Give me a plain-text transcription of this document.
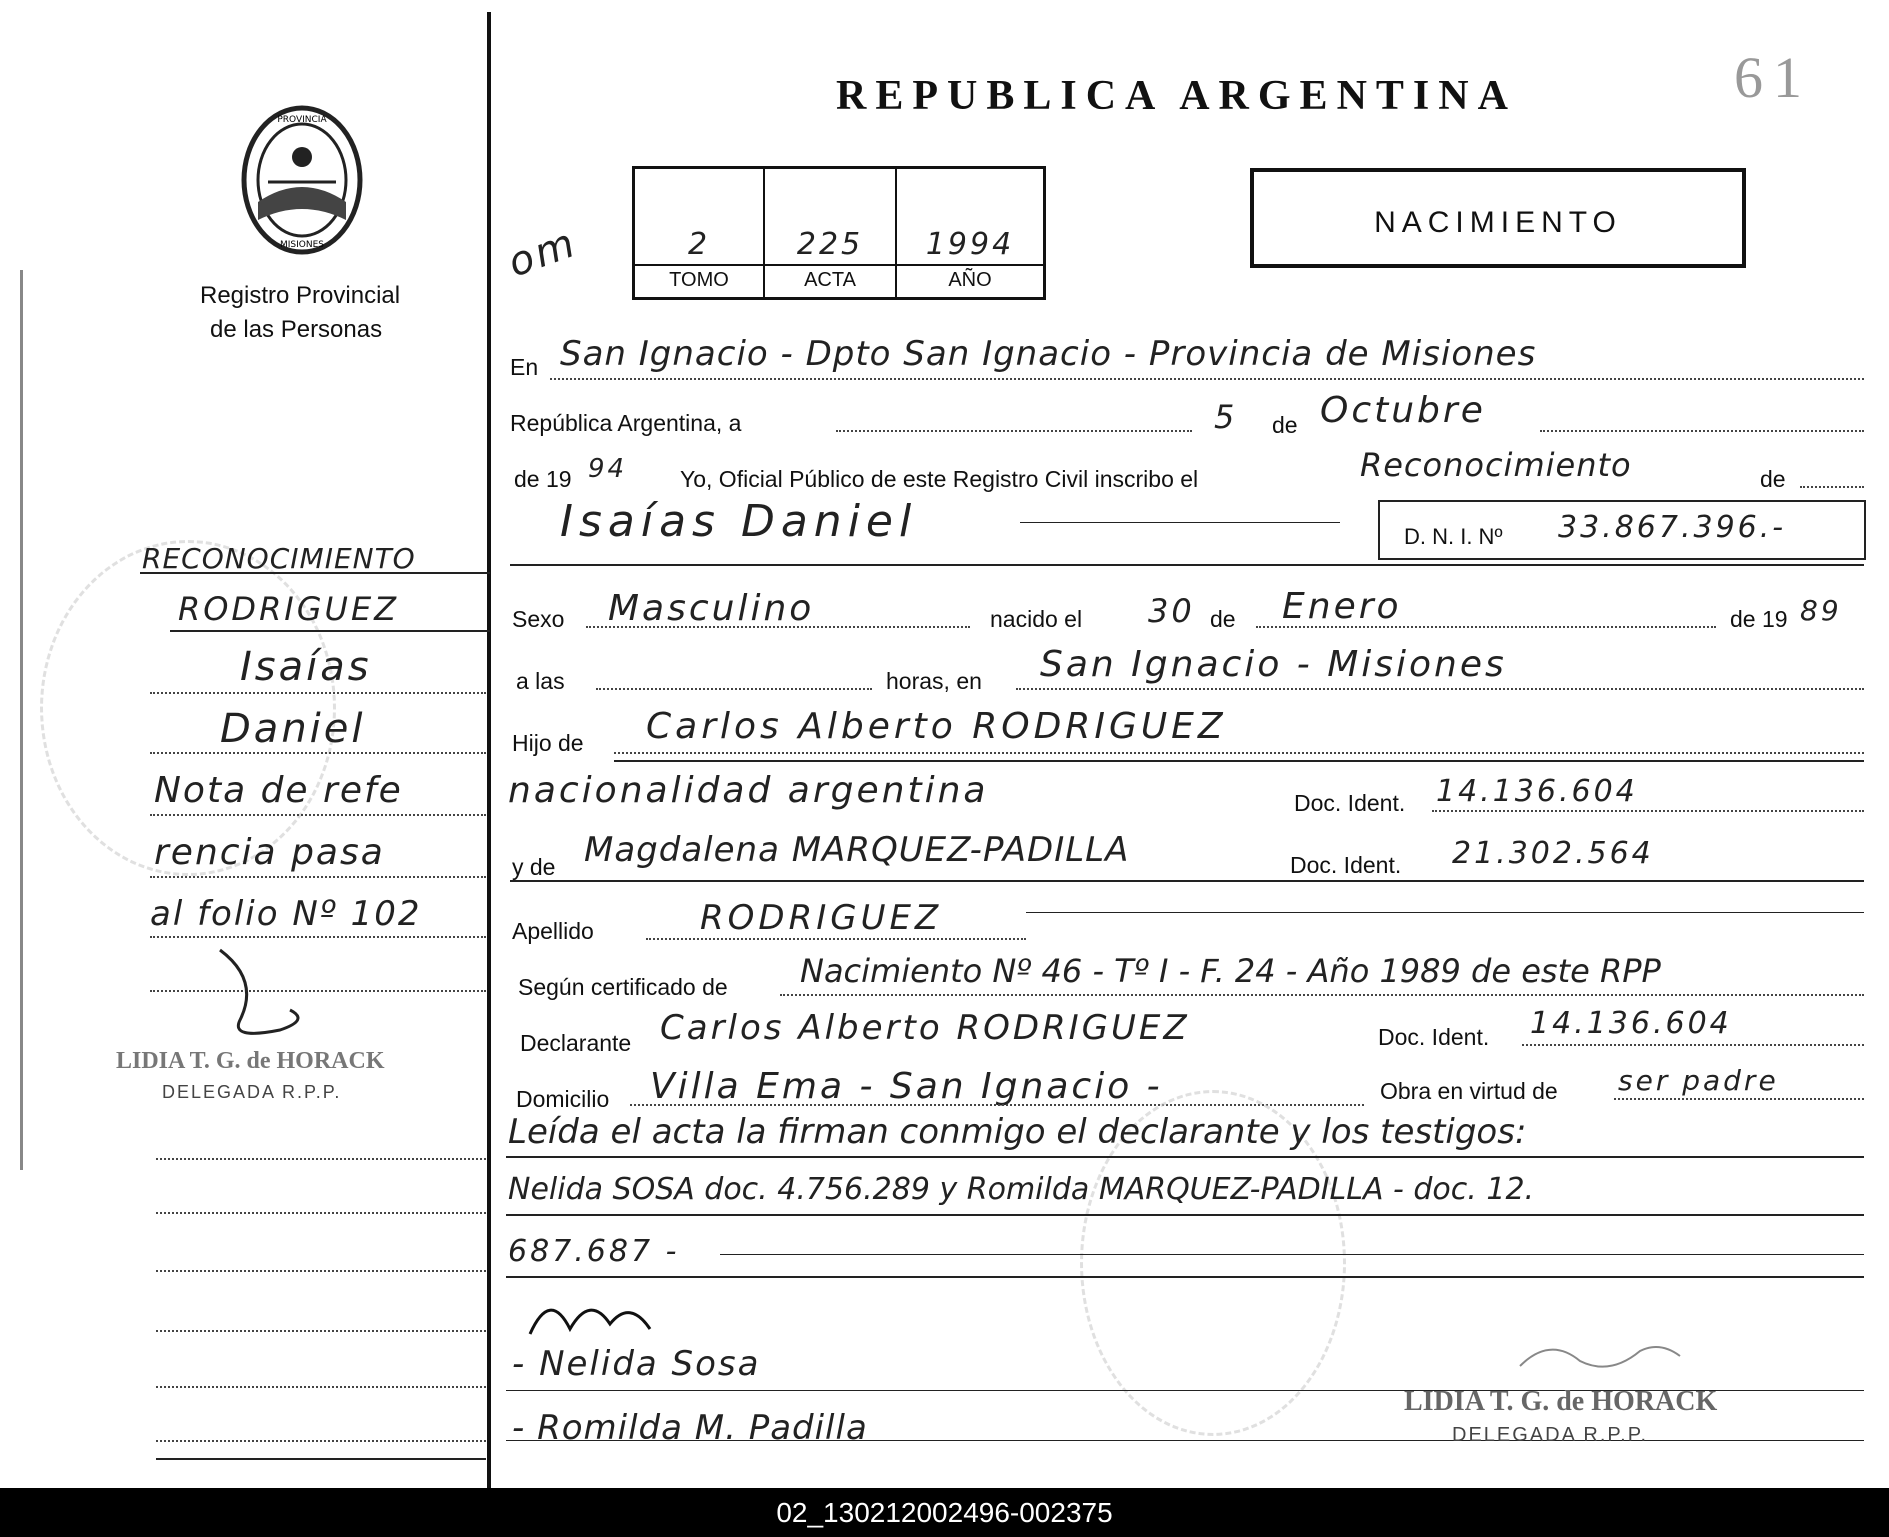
REPUBLICA ARGENTINA	61
PROVINCIA
MISIONES
Registro Provincial
de las Personas
2	225	1994
TOMO	ACTA	AÑO
om	NACIMIENTO
RECONOCIMIENTO
RODRIGUEZ
Isaías
Daniel
Nota de refe
rencia pasa
al folio Nº 102
LIDIA T. G. de HORACK
DELEGADA R.P.P.
En San Ignacio - Dpto San Ignacio - Provincia de Misiones
República Argentina, a	5 de Octubre
de 19 94 Yo, Oficial Público de este Registro Civil inscribo el	Reconocimiento	de
Isaías Daniel	D. N. I. Nº 33.867.396.-
Sexo Masculino	nacido el 30 de Enero	de 19 89
a las	horas, en San Ignacio - Misiones
Hijo de Carlos Alberto RODRIGUEZ
nacionalidad argentina	Doc. Ident. 14.136.604
y de Magdalena MARQUEZ-PADILLA	Doc. Ident. 21.302.564
Apellido	RODRIGUEZ
Según certificado de Nacimiento Nº 46 - Tº I - F. 24 - Año 1989 de este RPP
Declarante Carlos Alberto RODRIGUEZ	Doc. Ident. 14.136.604
Domicilio Villa Ema - San Ignacio -	Obra en virtud de ser padre
Leída el acta la firman conmigo el declarante y los testigos:
Nelida SOSA doc. 4.756.289 y Romilda MARQUEZ-PADILLA - doc. 12.
687.687 -
- Nelida Sosa
- Romilda M. Padilla
LIDIA T. G. de HORACK
DELEGADA R.P.P.
02_130212002496-002375
